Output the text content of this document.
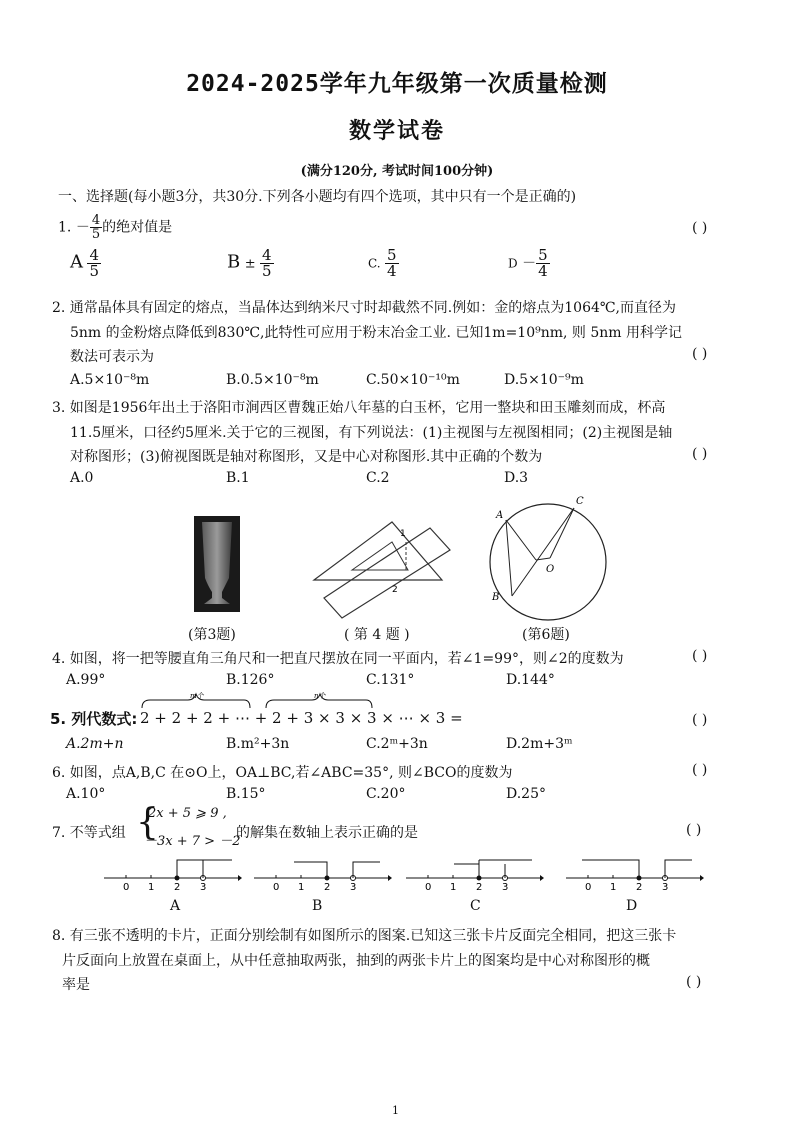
2024-2025学年九年级第一次质量检测
数学试卷
(满分120分, 考试时间100分钟)
一、选择题(每小题3分，共30分.下列各小题均有四个选项，其中只有一个是正确的)
1. － $\frac{4}{5}$ 的绝对值是	( )
A $\frac{4}{5}$	$B \pm \frac{4}{5}$	C. $\frac{5}{4}$	$D - \frac{5}{4}$
2. 通常晶体具有固定的熔点，当晶体达到纳米尺寸时却截然不同.例如：金的熔点为1064℃,而直径为
5nm 的金粉熔点降低到830℃,此特性可应用于粉末冶金工业. 已知1m=10⁹nm, 则 5nm 用科学记
数法可表示为	( )
A.5×10⁻⁸m	B.0.5×10⁻⁸m	C.50×10⁻¹⁰m	D.5×10⁻⁹m
3. 如图是1956年出土于洛阳市涧西区曹魏正始八年墓的白玉杯，它用一整块和田玉雕刻而成，杯高
11.5厘米，口径约5厘米.关于它的三视图，有下列说法：(1)主视图与左视图相同；(2)主视图是轴
对称图形；(3)俯视图既是轴对称图形，又是中心对称图形.其中正确的个数为	( )
A.0	B.1	C.2	D.3
1
2
A
B
C
O
(第3题)	( 第 4 题 )	(第6题)
4. 如图，将一把等腰直角三角尺和一把直尺摆放在同一平面内，若∠1=99°，则∠2的度数为	( )
A.99°	B.126°	C.131°	D.144°
5. 列代数式:
m个	n个
2 + 2 + 2 + ⋯ + 2 + 3 × 3 × 3 × ⋯ × 3 =	( )
A.2m+n	B.m²+3n	C.2ᵐ+3n	D.2m+3ᵐ
6. 如图，点A,B,C 在⊙O上，OA⊥BC,若∠ABC=35°, 则∠BCO的度数为	( )
A.10°	B.15°	C.20°	D.25°
7. 不等式组 {
2x + 5 ⩾ 9 ,
－3x + 7 > －2
的解集在数轴上表示正确的是	( )
0 1 2 3	0 1 2 3	0 1 2 3	0 1 2 3
A	B	C	D
8. 有三张不透明的卡片，正面分别绘制有如图所示的图案.已知这三张卡片反面完全相同，把这三张卡
片反面向上放置在桌面上，从中任意抽取两张，抽到的两张卡片上的图案均是中心对称图形的概
率是	( )
1
